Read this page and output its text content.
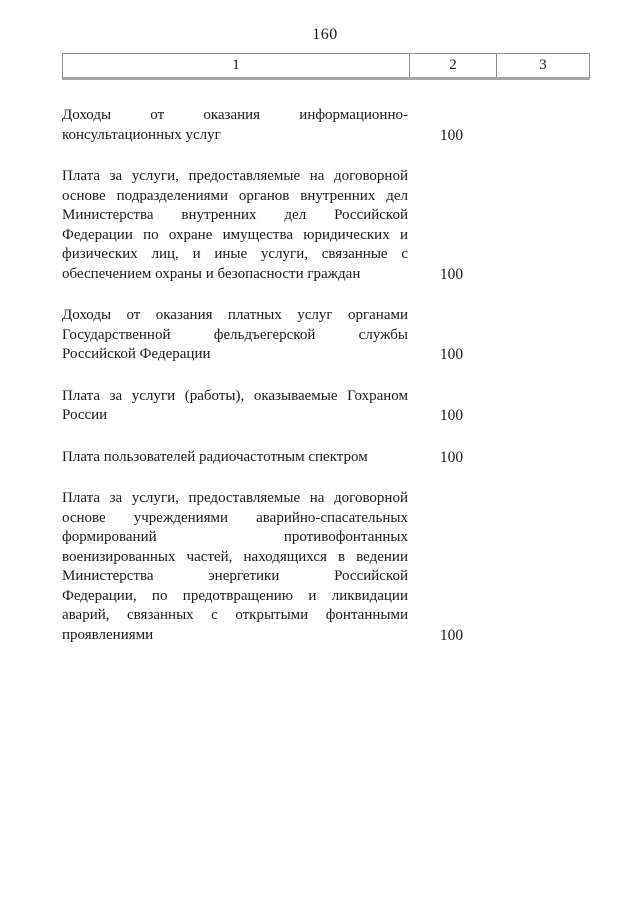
160
1	2	3
Доходы от оказания информационно-
консультационных услуг	100
Плата за услуги, предоставляемые на договорной
основе подразделениями органов внутренних дел
Министерства внутренних дел Российской
Федерации по охране имущества юридических и
физических лиц, и иные услуги, связанные с
обеспечением охраны и безопасности граждан	100
Доходы от оказания платных услуг органами
Государственной фельдъегерской службы
Российской Федерации	100
Плата за услуги (работы), оказываемые Гохраном
России	100
Плата пользователей радиочастотным спектром	100
Плата за услуги, предоставляемые на договорной
основе учреждениями аварийно-спасательных
формирований противофонтанных
военизированных частей, находящихся в ведении
Министерства энергетики Российской
Федерации, по предотвращению и ликвидации
аварий, связанных с открытыми фонтанными
проявлениями	100
